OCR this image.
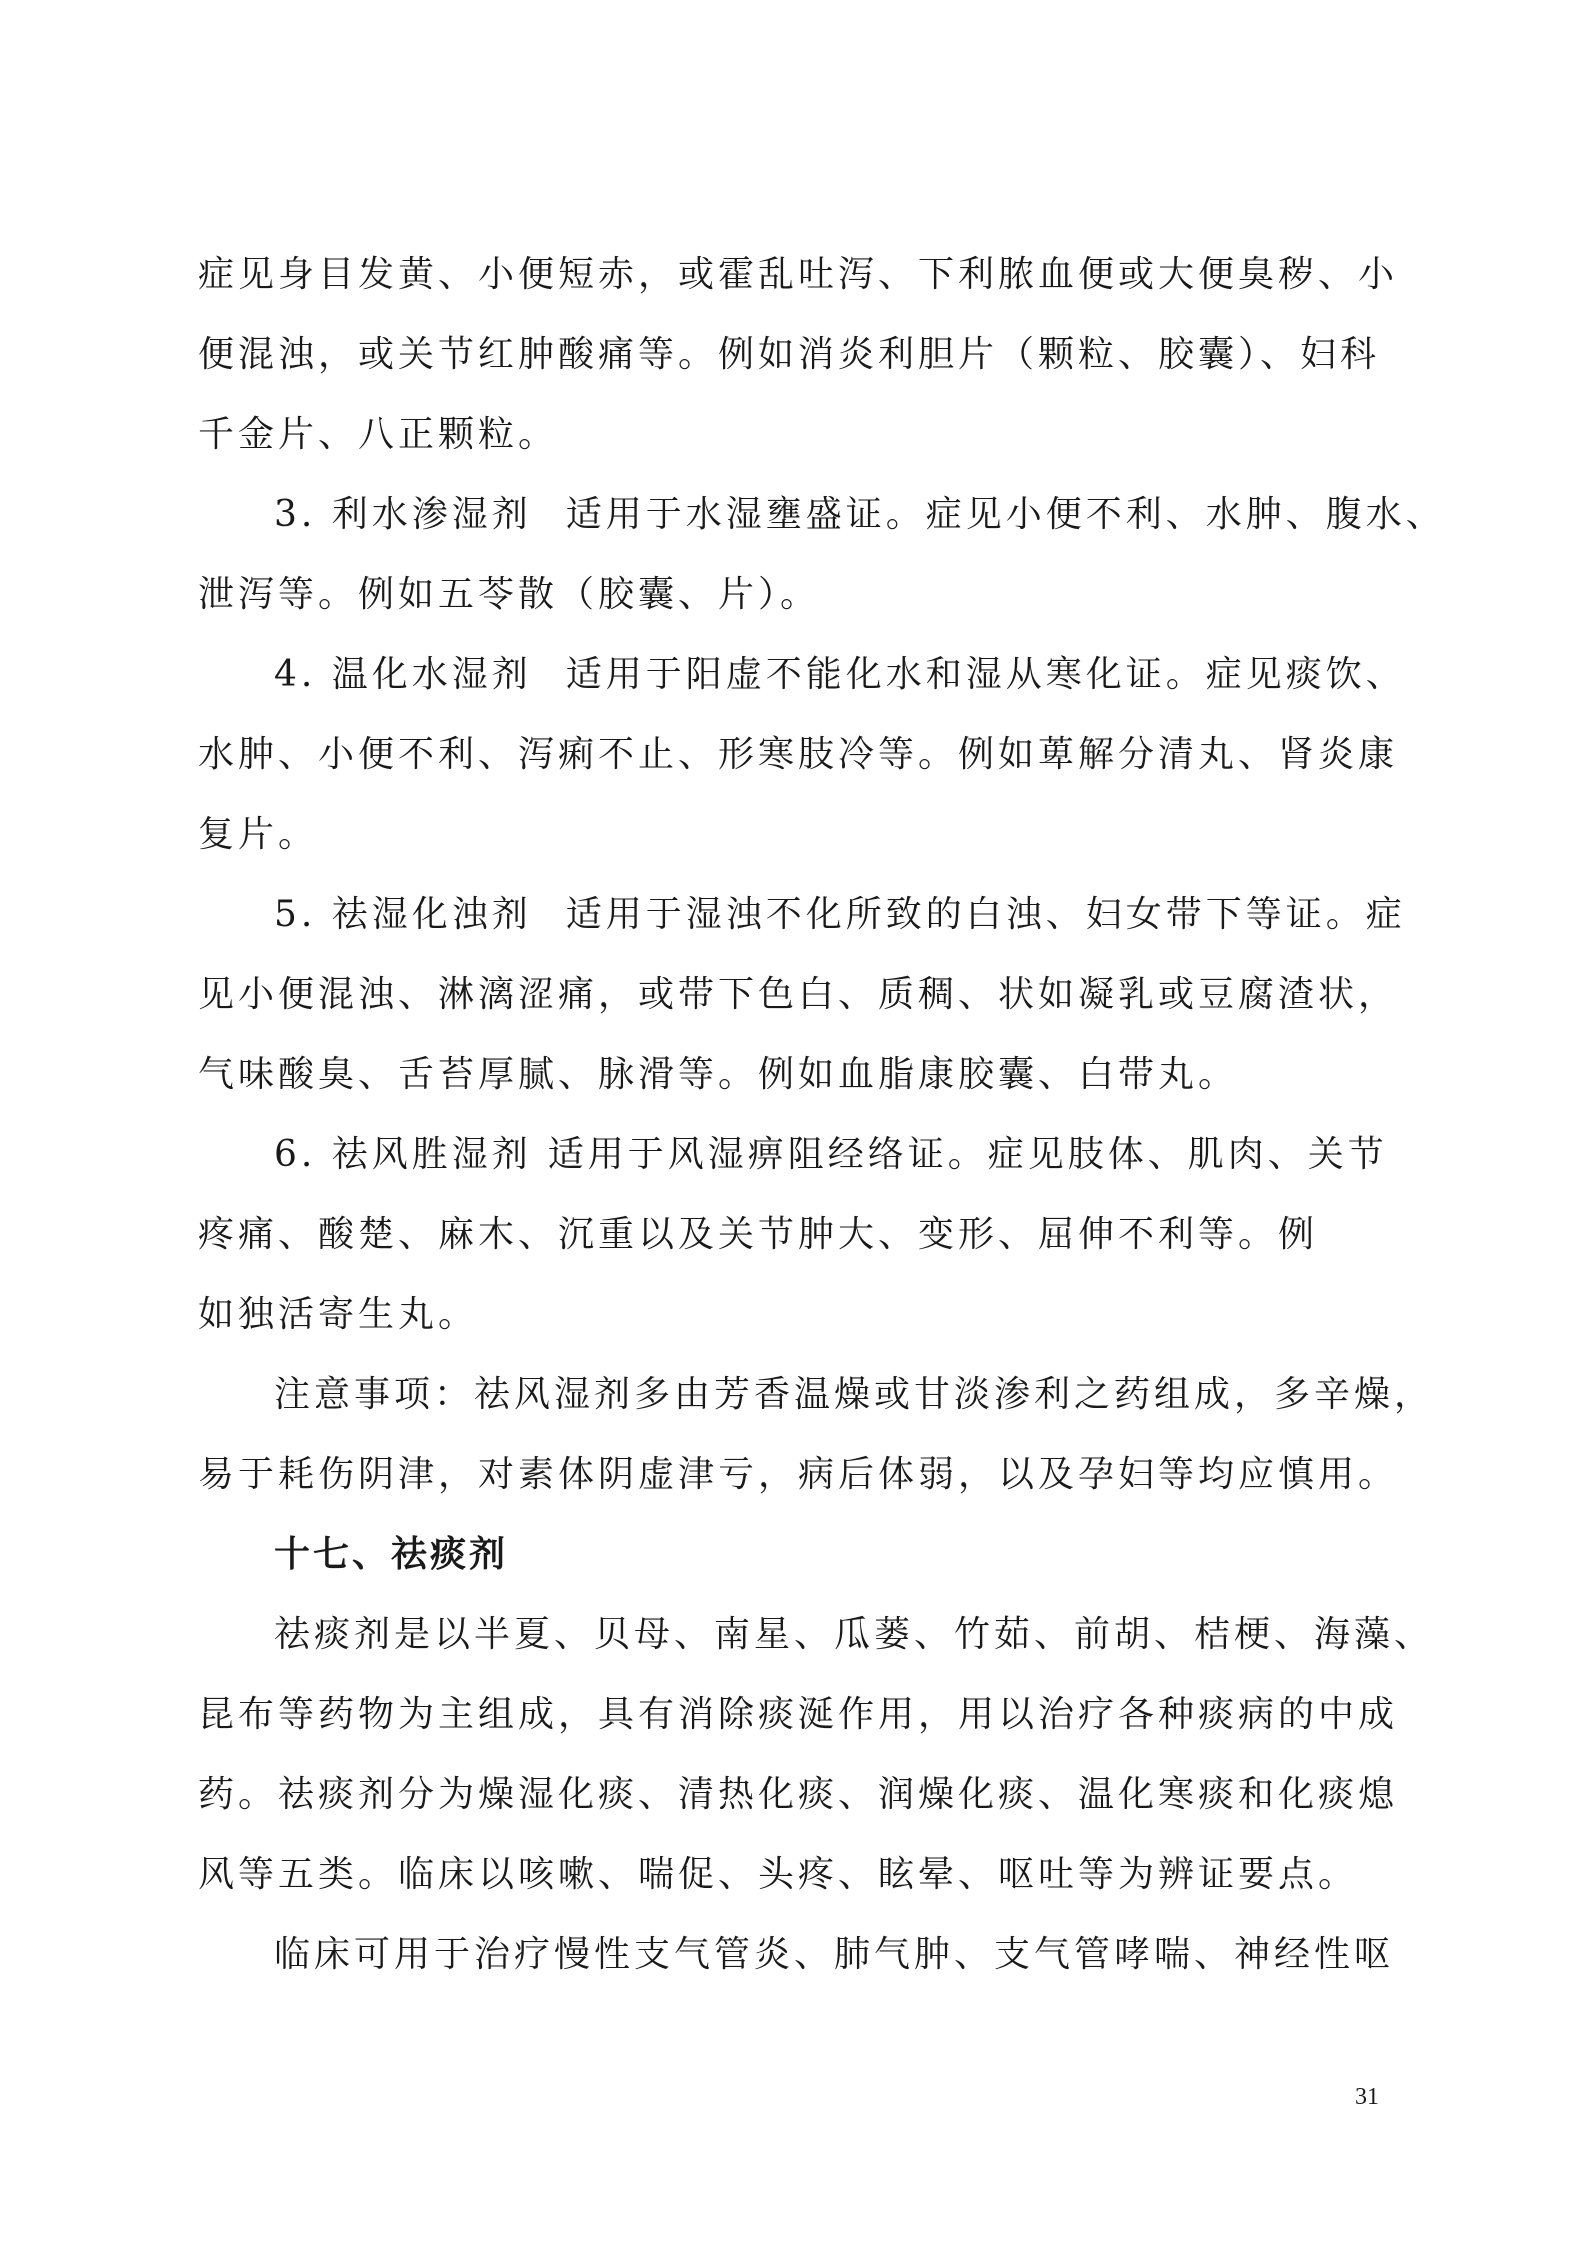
症见身目发黄、小便短赤，或霍乱吐泻、下利脓血便或大便臭秽、小
便混浊，或关节红肿酸痛等。例如消炎利胆片（颗粒、胶囊）、妇科
千金片、八正颗粒。
3. 利水渗湿剂 适用于水湿壅盛证。症见小便不利、水肿、腹水、
泄泻等。例如五苓散（胶囊、片）。
4. 温化水湿剂 适用于阳虚不能化水和湿从寒化证。症见痰饮、
水肿、小便不利、泻痢不止、形寒肢冷等。例如萆解分清丸、肾炎康
复片。
5. 祛湿化浊剂 适用于湿浊不化所致的白浊、妇女带下等证。症
见小便混浊、淋漓涩痛，或带下色白、质稠、状如凝乳或豆腐渣状，
气味酸臭、舌苔厚腻、脉滑等。例如血脂康胶囊、白带丸。
6. 祛风胜湿剂 适用于风湿痹阻经络证。症见肢体、肌肉、关节
疼痛、酸楚、麻木、沉重以及关节肿大、变形、屈伸不利等。例
如独活寄生丸。
注意事项：祛风湿剂多由芳香温燥或甘淡渗利之药组成，多辛燥，
易于耗伤阴津，对素体阴虚津亏，病后体弱，以及孕妇等均应慎用。
十七、祛痰剂
祛痰剂是以半夏、贝母、南星、瓜蒌、竹茹、前胡、桔梗、海藻、
昆布等药物为主组成，具有消除痰涎作用，用以治疗各种痰病的中成
药。祛痰剂分为燥湿化痰、清热化痰、润燥化痰、温化寒痰和化痰熄
风等五类。临床以咳嗽、喘促、头疼、眩晕、呕吐等为辨证要点。
临床可用于治疗慢性支气管炎、肺气肿、支气管哮喘、神经性呕
31
